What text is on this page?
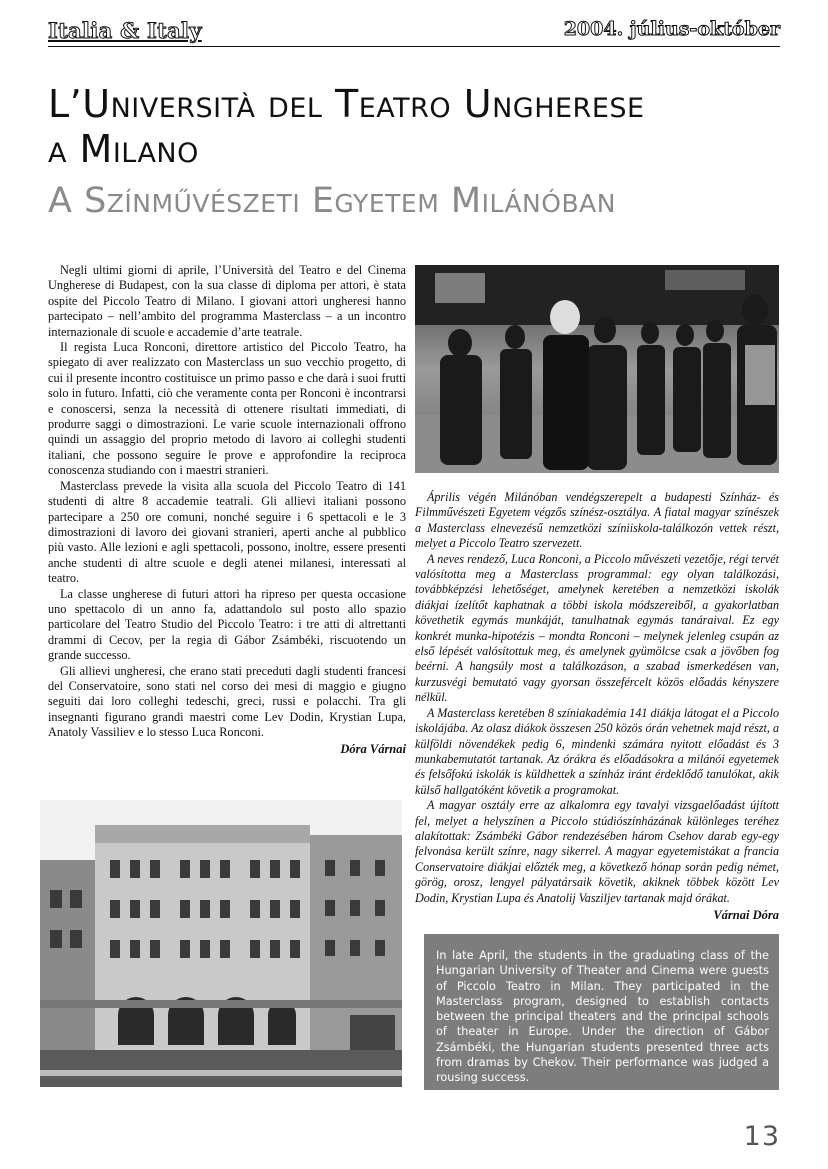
Italia & Italy	2004. július-október
L’Università del Teatro Ungherese
a Milano
A Színművészeti Egyetem Milánóban

Negli ultimi giorni di aprile, l’Università del Teatro e del Cinema Ungherese di Budapest, con la sua classe di diploma per attori, è stata ospite del Piccolo Teatro di Milano. I giovani attori ungheresi hanno partecipato – nell’ambito del programma Masterclass – a un incontro internazionale di scuole e accademie d’arte teatrale.

Il regista Luca Ronconi, direttore artistico del Piccolo Teatro, ha spiegato di aver realizzato con Masterclass un suo vecchio progetto, di cui il presente incontro costituisce un primo passo e che darà i suoi frutti solo in futuro. Infatti, ciò che veramente conta per Ronconi è incontrarsi e conoscersi, senza la necessità di ottenere risultati immediati, di produrre saggi o dimostrazioni. Le varie scuole internazionali offrono quindi un assaggio del proprio metodo di lavoro ai colleghi studenti italiani, che possono seguire le prove e approfondire la reciproca conoscenza studiando con i maestri stranieri.

Masterclass prevede la visita alla scuola del Piccolo Teatro di 141 studenti di altre 8 accademie teatrali. Gli allievi italiani possono partecipare a 250 ore comuni, nonché seguire i 6 spettacoli e le 3 dimostrazioni di lavoro dei giovani stranieri, aperti anche al pubblico più vasto. Alle lezioni e agli spettacoli, possono, inoltre, essere presenti anche studenti di altre scuole e degli atenei milanesi, interessati al teatro.

La classe ungherese di futuri attori ha ripreso per questa occasione uno spettacolo di un anno fa, adattandolo sul posto allo spazio particolare del Teatro Studio del Piccolo Teatro: i tre atti di altrettanti drammi di Cecov, per la regia di Gábor Zsámbéki, riscuotendo un grande successo.

Gli allievi ungheresi, che erano stati preceduti dagli studenti francesi del Conservatoire, sono stati nel corso dei mesi di maggio e giugno seguiti dai loro colleghi tedeschi, greci, russi e polacchi. Tra gli insegnanti figurano grandi maestri come Lev Dodin, Krystian Lupa, Anatoly Vassiliev e lo stesso Luca Ronconi.

Dóra Várnai

Április végén Milánóban vendégszerepelt a budapesti Színház- és Filmművészeti Egyetem végzős színész-osztálya. A fiatal magyar színészek a Masterclass elnevezésű nemzetközi színiiskola-találkozón vettek részt, melyet a Piccolo Teatro szervezett.

A neves rendező, Luca Ronconi, a Piccolo művészeti vezetője, régi tervét valósította meg a Masterclass programmal: egy olyan találkozási, továbbképzési lehetőséget, amelynek keretében a nemzetközi iskolák diákjai ízelítőt kaphatnak a többi iskola módszereiből, a gyakorlatban követhetik egymás munkáját, tanulhatnak egymás tanáraival. Ez egy konkrét munka-hipotézis – mondta Ronconi – melynek jelenleg csupán az első lépését valósítottuk meg, és amelynek gyümölcse csak a jövőben fog beérni. A hangsúly most a találkozáson, a szabad ismerkedésen van, kurzusvégi bemutató vagy gyorsan összefércelt közös előadás kényszere nélkül.

A Masterclass keretében 8 színiakadémia 141 diákja látogat el a Piccolo iskolájába. Az olasz diákok összesen 250 közös órán vehetnek majd részt, a külföldi növendékek pedig 6, mindenki számára nyitott előadást és 3 munkabemutatót tartanak. Az órákra és előadásokra a milánói egyetemek és felsőfokú iskolák is küldhettek a színház iránt érdeklődő tanulókat, akik külső hallgatóként követik a programokat.

A magyar osztály erre az alkalomra egy tavalyi vizsgaelőadást újított fel, melyet a helyszínen a Piccolo stúdiószínházának különleges teréhez alakítottak: Zsámbéki Gábor rendezésében három Csehov darab egy-egy felvonása került színre, nagy sikerrel. A magyar egyetemistákat a francia Conservatoire diákjai előzték meg, a következő hónap során pedig német, görög, orosz, lengyel pályatársaik követik, akiknek többek között Lev Dodin, Krystian Lupa és Anatolij Vasziljev tartanak majd órákat.

Várnai Dóra
In late April, the students in the graduating class of the Hungarian University of Theater and Cinema were guests of Piccolo Teatro in Milan. They participated in the Masterclass program, designed to establish contacts between the principal theaters and the principal schools of theater in Europe. Under the direction of Gábor Zsámbéki, the Hungarian students presented three acts from dramas by Chekov. Their performance was judged a rousing success.
13
